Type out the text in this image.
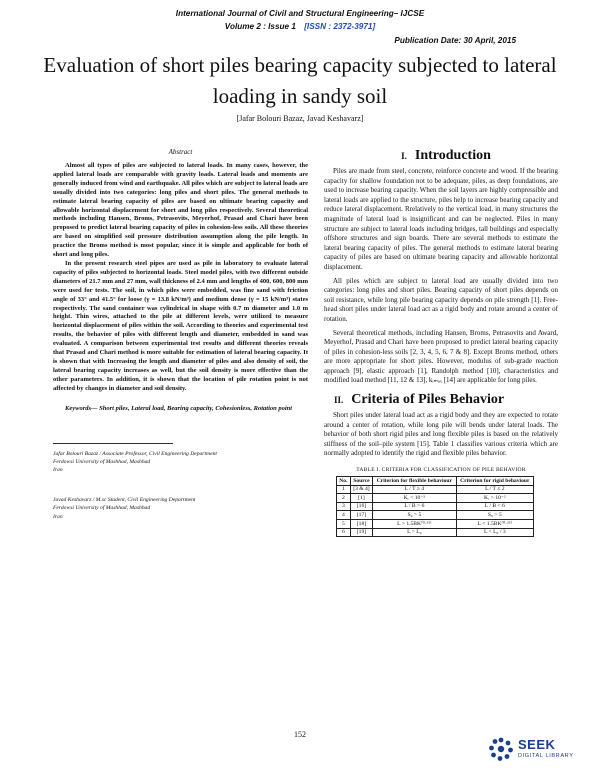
International Journal of Civil and Structural Engineering– IJCSE
Volume 2 : Issue 1 [ISSN : 2372-3971]
Publication Date: 30 April, 2015
Evaluation of short piles bearing capacity subjected to lateral loading in sandy soil
[Jafar Bolouri Bazaz, Javad Keshavarz]
Abstract

Almost all types of piles are subjected to lateral loads. In many cases, however, the applied lateral loads are comparable with gravity loads. Lateral loads and moments are generally induced from wind and earthquake. All piles which are subject to lateral loads are usually divided into two categories: long piles and short piles. The general methods to estimate lateral bearing capacity of piles are based on ultimate bearing capacity and allowable horizontal displacement for short and long piles respectively. Several theoretical methods including Hansen, Broms, Petrasovits, Meyerhof, Prasad and Chari have been proposed to predict lateral bearing capacity of piles in cohesion-less soils. All these theories are based on simplified soil pressure distribution assumption along the pile length. In practice the Broms method is most popular, since it is simple and applicable for both of short and long piles.

In the present research steel pipes are used as pile in laboratory to evaluate lateral capacity of piles subjected to horizontal loads. Steel model piles, with two different outside diameters of 21.7 mm and 27 mm, wall thickness of 2.4 mm and lengths of 400, 600, 800 mm were used for tests. The soil, in which piles were embedded, was fine sand with friction angle of 33° and 41.5° for loose (γ = 13.8 kN/m³) and medium dense (γ = 15 kN/m³) states respectively. The sand container was cylindrical in shape with 0.7 m diameter and 1.0 m height. Thin wires, attached to the pile at different levels, were utilized to measure horizontal displacement of piles within the soil. According to theories and experimental test results, the behavior of piles with different length and diameter, embedded in sand was evaluated. A comparison between experimental test results and different theories reveals that Prasad and Chari method is more suitable for estimation of lateral bearing capacity. It is shown that with Increasing the length and diameter of piles and also density of soil, the lateral bearing capacity increases as well, but the soil density is more effective than the other parameters. In addition, it is shown that the location of pile rotation point is not affected by changes in diameter and soil density.

Keywords— Short piles, Lateral load, Bearing capacity, Cohesionless, Rotation point
Jafar Bolouri Bazaz / Associate Professor, Civil Engineering Department
Ferdowsi University of Mashhad, Mashhad
Iran
Javad Keshavarz / M.sc Student, Civil Engineering Department
Ferdowsi University of Mashhad, Mashhad
Iran
I. Introduction

Piles are made from steel, concrete, reinforce concrete and wood. If the bearing capacity for shallow foundation not to be adequate, piles, as deep foundations, are used to increase bearing capacity. When the soil layers are highly compressible and lateral loads are applied to the structure, piles help to increase bearing capacity and reduce lateral displacement. Rrelatively to the vertical load, in many structures the magnitude of lateral load is insignificant and can be neglected. Piles in many structure are subject to lateral loads including bridges, tall buildings and especially offshore structures and sign boards. There are several methods to estimate the lateral bearing capacity of piles. The general methods to estimate lateral bearing capacity of piles are based on ultimate bearing capacity and allowable horizontal displacement.

All piles which are subject to lateral load are usually divided into two categories: long piles and short piles. Bearing capacity of short piles depends on soil resistance, while long pile bearing capacity depends on pile strength [1]. Free-head short piles under lateral load act as a rigid body and rotate around a center of rotation.

Several theoretical methods, including Hansen, Broms, Petrasovits and Award, Meyerhof, Prasad and Chari have been proposed to predict lateral bearing capacity of piles in cohesion-less soils [2, 3, 4, 5, 6, 7 & 8]. Except Broms method, others are more appropriate for short piles. However, modulus of sub-grade reaction approach [9], elastic approach [1], Randolph method [10], characteristics and modified load method [11, 12 & 13], kᵢₘₐₓ [14] are applicable for long piles.

II. Criteria of Piles Behavior

Short piles under lateral load act as a rigid body and they are expected to rotate around a center of rotation, while long pile will bends under lateral loads. The behavior of both short rigid piles and long flexible piles is based on the relatively stiffness of the soil–pile system [15]. Table 1 classifies various criteria which are normally adopted to identify the rigid and flexible piles behavior.

TABLE I. CRITERIA FOR CLASSIFICATION OF PILE BEHAVIOR
No.	Source	Criterion for flexible behaviour	Criterion for rigid behaviour
1	[3 & 4]	L / T ≥ 4	L / T ≤ 2
2	[1]	Kᵣ < 10⁻⁵	Kᵣ > 10⁻²
3	[16]	L / B > 6	L / B < 6
4	[17]	S₀ > 5	S₀ > 5
5	[18]	L > 1.5BK⁽⁰·²⁵⁾	L < 1.5BK⁽⁰·²⁵⁾
6	[19]	L > L₀	L < L₀ / 3
152
SEEK
DIGITAL LIBRARY
